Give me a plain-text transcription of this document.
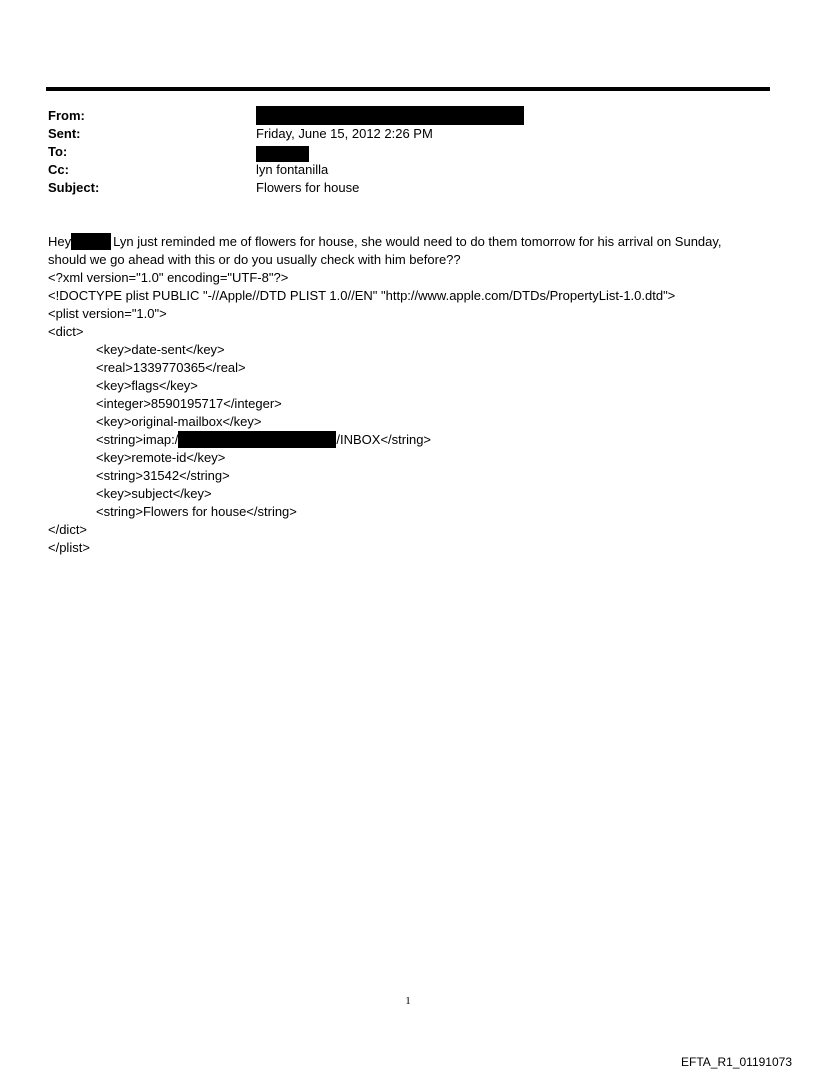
From:
Sent:	Friday, June 15, 2012 2:26 PM
To:
Cc:	lyn fontanilla
Subject:	Flowers for house
Hey	Lyn just reminded me of flowers for house, she would need to do them tomorrow for his arrival on Sunday,
should we go ahead with this or do you usually check with him before??
<?xml version="1.0" encoding="UTF-8"?>
<!DOCTYPE plist PUBLIC "-//Apple//DTD PLIST 1.0//EN" "http://www.apple.com/DTDs/PropertyList-1.0.dtd">
<plist version="1.0">
<dict>
<key>date-sent</key>
<real>1339770365</real>
<key>flags</key>
<integer>8590195717</integer>
<key>original-mailbox</key>
<string>imap:/	/INBOX</string>
<key>remote-id</key>
<string>31542</string>
<key>subject</key>
<string>Flowers for house</string>
</dict>
</plist>
1
EFTA_R1_01191073
